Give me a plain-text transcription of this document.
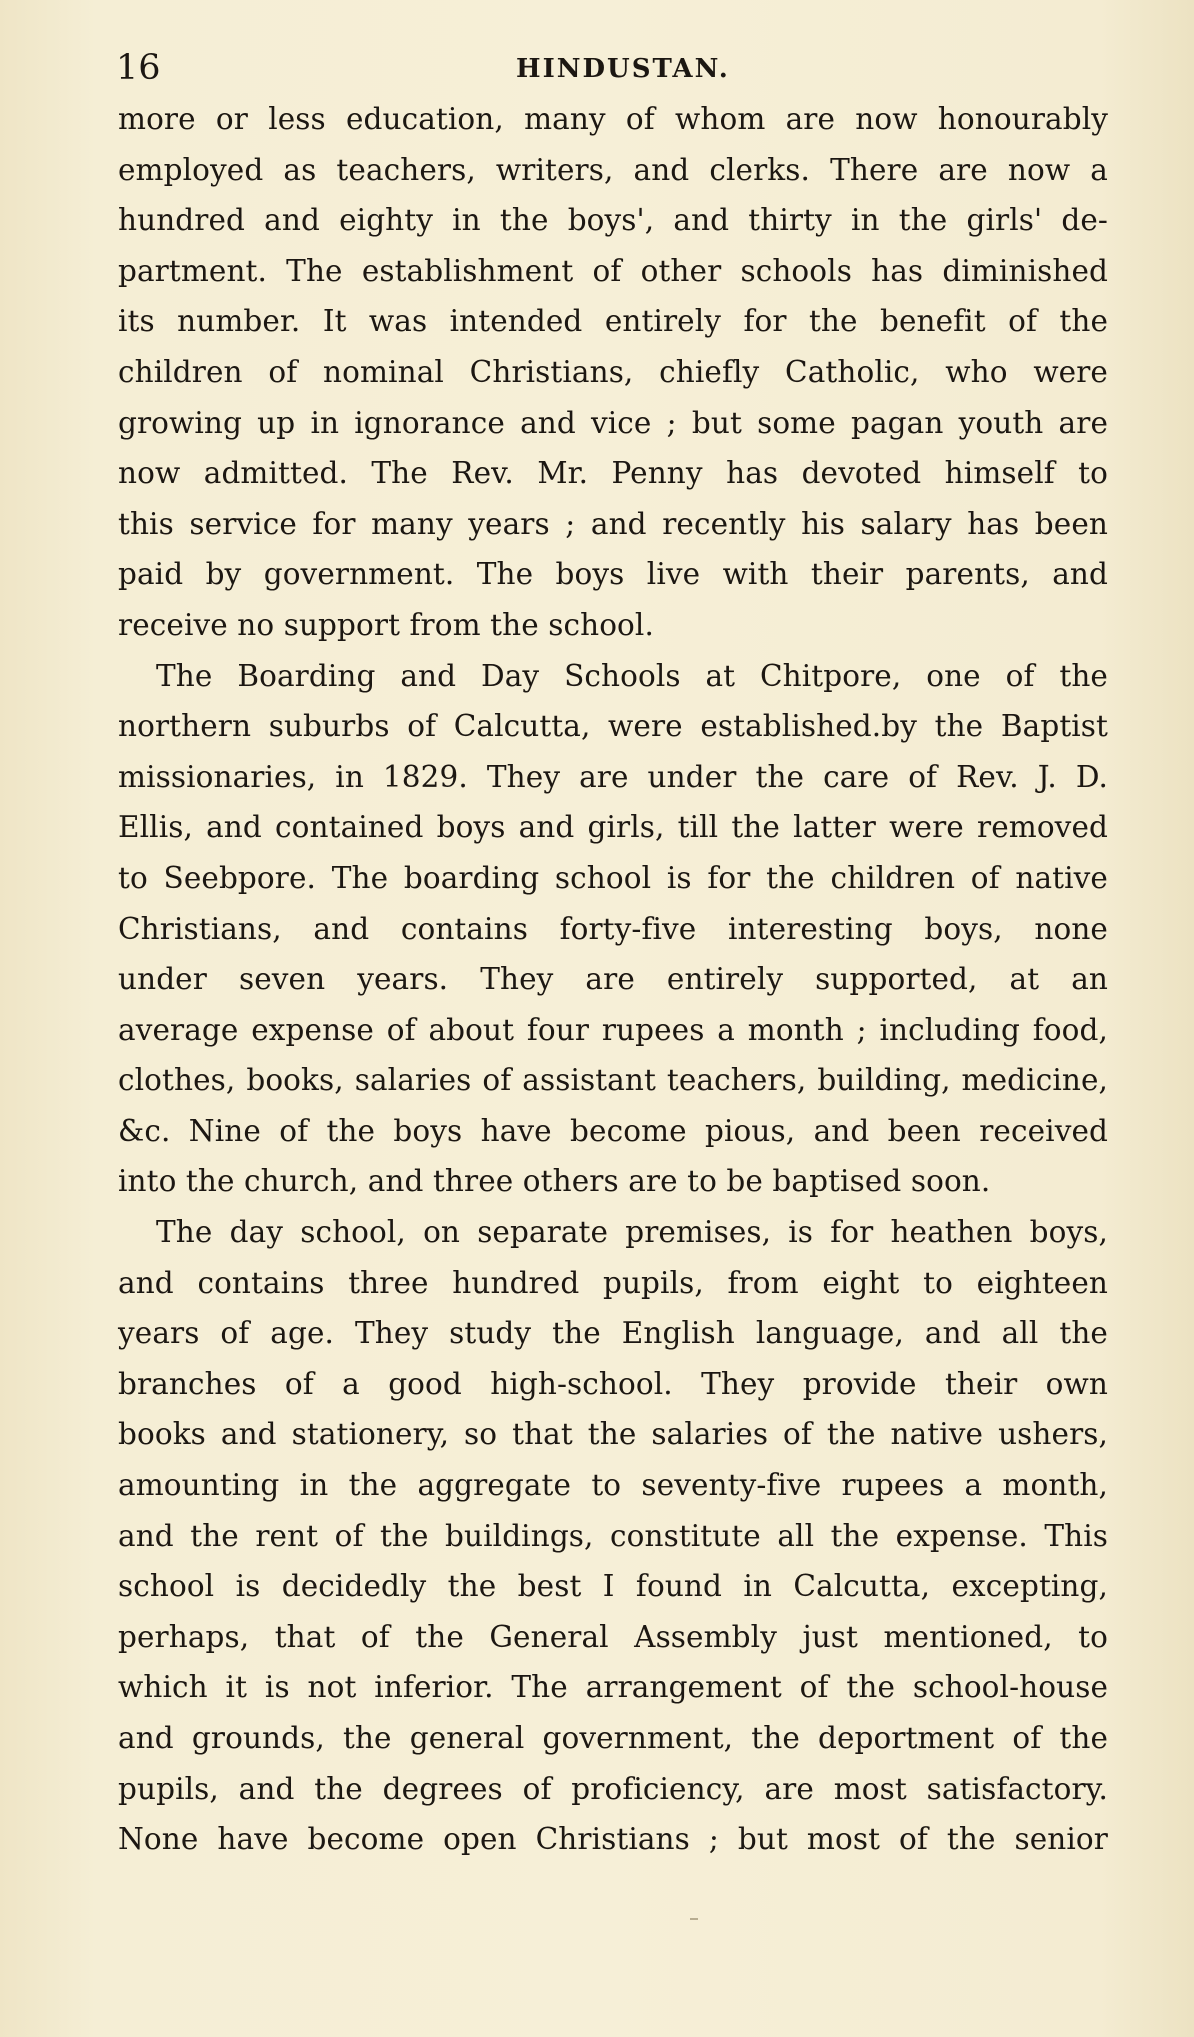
16	HINDUSTAN.
more or less education, many of whom are now honourably
employed as teachers, writers, and clerks. There are now a
hundred and eighty in the boys', and thirty in the girls' de-
partment. The establishment of other schools has diminished
its number. It was intended entirely for the benefit of the
children of nominal Christians, chiefly Catholic, who were
growing up in ignorance and vice ; but some pagan youth are
now admitted. The Rev. Mr. Penny has devoted himself to
this service for many years ; and recently his salary has been
paid by government. The boys live with their parents, and
receive no support from the school.
The Boarding and Day Schools at Chitpore, one of the
northern suburbs of Calcutta, were established.by the Baptist
missionaries, in 1829. They are under the care of Rev. J. D.
Ellis, and contained boys and girls, till the latter were removed
to Seebpore. The boarding school is for the children of native
Christians, and contains forty-five interesting boys, none
under seven years. They are entirely supported, at an
average expense of about four rupees a month ; including food,
clothes, books, salaries of assistant teachers, building, medicine,
&c. Nine of the boys have become pious, and been received
into the church, and three others are to be baptised soon.
The day school, on separate premises, is for heathen boys,
and contains three hundred pupils, from eight to eighteen
years of age. They study the English language, and all the
branches of a good high-school. They provide their own
books and stationery, so that the salaries of the native ushers,
amounting in the aggregate to seventy-five rupees a month,
and the rent of the buildings, constitute all the expense. This
school is decidedly the best I found in Calcutta, excepting,
perhaps, that of the General Assembly just mentioned, to
which it is not inferior. The arrangement of the school-house
and grounds, the general government, the deportment of the
pupils, and the degrees of proficiency, are most satisfactory.
None have become open Christians ; but most of the senior
